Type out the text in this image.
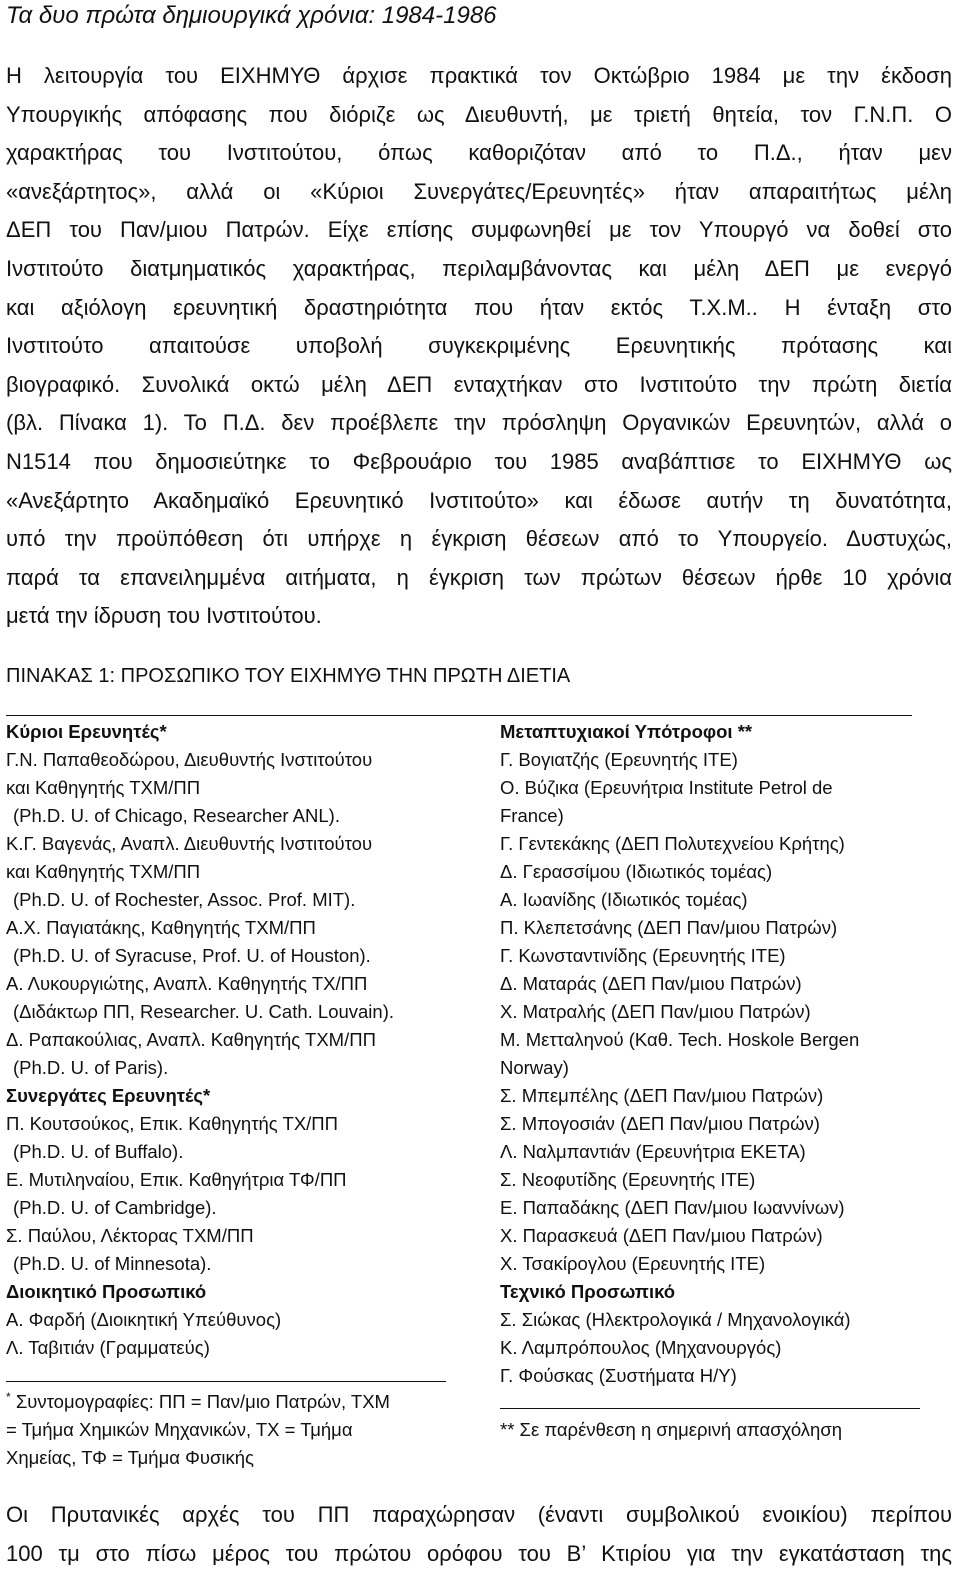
Τα δυο πρώτα δημιουργικά χρόνια: 1984-1986
Η λειτουργία του ΕΙΧΗΜΥΘ άρχισε πρακτικά τον Οκτώβριο 1984 με την έκδοση
Υπουργικής απόφασης που διόριζε ως Διευθυντή, με τριετή θητεία, τον Γ.Ν.Π. Ο
χαρακτήρας του Ινστιτούτου, όπως καθοριζόταν από το Π.Δ., ήταν μεν
«ανεξάρτητος», αλλά οι «Κύριοι Συνεργάτες/Ερευνητές» ήταν απαραιτήτως μέλη
ΔΕΠ του Παν/μιου Πατρών. Είχε επίσης συμφωνηθεί με τον Υπουργό να δοθεί στο
Ινστιτούτο διατμηματικός χαρακτήρας, περιλαμβάνοντας και μέλη ΔΕΠ με ενεργό
και αξιόλογη ερευνητική δραστηριότητα που ήταν εκτός Τ.Χ.Μ.. Η ένταξη στο
Ινστιτούτο απαιτούσε υποβολή συγκεκριμένης Ερευνητικής πρότασης και
βιογραφικό. Συνολικά οκτώ μέλη ΔΕΠ ενταχτήκαν στο Ινστιτούτο την πρώτη διετία
(βλ. Πίνακα 1). Το Π.Δ. δεν προέβλεπε την πρόσληψη Οργανικών Ερευνητών, αλλά ο
Ν1514 που δημοσιεύτηκε το Φεβρουάριο του 1985 αναβάπτισε το ΕΙΧΗΜΥΘ ως
«Ανεξάρτητο Ακαδημαϊκό Ερευνητικό Ινστιτούτο» και έδωσε αυτήν τη δυνατότητα,
υπό την προϋπόθεση ότι υπήρχε η έγκριση θέσεων από το Υπουργείο. Δυστυχώς,
παρά τα επανειλημμένα αιτήματα, η έγκριση των πρώτων θέσεων ήρθε 10 χρόνια
μετά την ίδρυση του Ινστιτούτου.
ΠΙΝΑΚΑΣ 1: ΠΡΟΣΩΠΙΚΟ ΤΟΥ ΕΙΧΗΜΥΘ ΤΗΝ ΠΡΩΤΗ ΔΙΕΤΙΑ
Κύριοι Ερευνητές*
Γ.Ν. Παπαθεοδώρου, Διευθυντής Ινστιτούτου
και Καθηγητής ΤΧΜ/ΠΠ
(Ph.D. U. of Chicago, Researcher ANL).
Κ.Γ. Βαγενάς, Αναπλ. Διευθυντής Ινστιτούτου
και Καθηγητής ΤΧΜ/ΠΠ
(Ph.D. U. of Rochester, Assoc. Prof. MIT).
Α.Χ. Παγιατάκης, Καθηγητής ΤΧΜ/ΠΠ
(Ph.D. U. of Syracuse, Prof. U. of Houston).
Α. Λυκουργιώτης, Αναπλ. Καθηγητής ΤΧ/ΠΠ
(Διδάκτωρ ΠΠ, Researcher. U. Cath. Louvain).
Δ. Ραπακούλιας, Αναπλ. Καθηγητής ΤΧΜ/ΠΠ
(Ph.D. U. of Paris).
Συνεργάτες Ερευνητές*
Π. Κουτσούκος, Επικ. Καθηγητής ΤΧ/ΠΠ
(Ph.D. U. of Buffalo).
Ε. Μυτιληναίου, Επικ. Καθηγήτρια ΤΦ/ΠΠ
(Ph.D. U. of Cambridge).
Σ. Παύλου, Λέκτορας ΤΧΜ/ΠΠ
(Ph.D. U. of Minnesota).
Διοικητικό Προσωπικό
Α. Φαρδή (Διοικητική Υπεύθυνος)
Λ. Ταβιτιάν (Γραμματεύς)
Μεταπτυχιακοί Υπότροφοι **
Γ. Βογιατζής (Ερευνητής ΙΤΕ)
Ο. Βύζικα (Ερευνήτρια Institute Petrol de
France)
Γ. Γεντεκάκης (ΔΕΠ Πολυτεχνείου Κρήτης)
Δ. Γερασσίμου (Ιδιωτικός τομέας)
Α. Ιωανίδης (Ιδιωτικός τομέας)
Π. Κλεπετσάνης (ΔΕΠ Παν/μιου Πατρών)
Γ. Κωνσταντινίδης (Ερευνητής ΙΤΕ)
Δ. Ματαράς (ΔΕΠ Παν/μιου Πατρών)
Χ. Ματραλής (ΔΕΠ Παν/μιου Πατρών)
Μ. Μετταληνού (Καθ. Tech. Hoskole Bergen
Norway)
Σ. Μπεμπέλης (ΔΕΠ Παν/μιου Πατρών)
Σ. Μπογοσιάν (ΔΕΠ Παν/μιου Πατρών)
Λ. Ναλμπαντιάν (Ερευνήτρια ΕΚΕΤΑ)
Σ. Νεοφυτίδης (Ερευνητής ΙΤΕ)
Ε. Παπαδάκης (ΔΕΠ Παν/μιου Ιωαννίνων)
Χ. Παρασκευά (ΔΕΠ Παν/μιου Πατρών)
Χ. Τσακίρογλου (Ερευνητής ΙΤΕ)
Τεχνικό Προσωπικό
Σ. Σιώκας (Ηλεκτρολογικά / Μηχανολογικά)
Κ. Λαμπρόπουλος (Μηχανουργός)
Γ. Φούσκας (Συστήματα Η/Υ)
* Συντομογραφίες: ΠΠ = Παν/μιο Πατρών, ΤΧΜ
= Τμήμα Χημικών Μηχανικών, ΤΧ = Τμήμα
Χημείας, ΤΦ = Τμήμα Φυσικής
** Σε παρένθεση η σημερινή απασχόληση
Οι Πρυτανικές αρχές του ΠΠ παραχώρησαν (έναντι συμβολικού ενοικίου) περίπου
100 τμ στο πίσω μέρος του πρώτου ορόφου του Β’ Κτιρίου για την εγκατάσταση της
